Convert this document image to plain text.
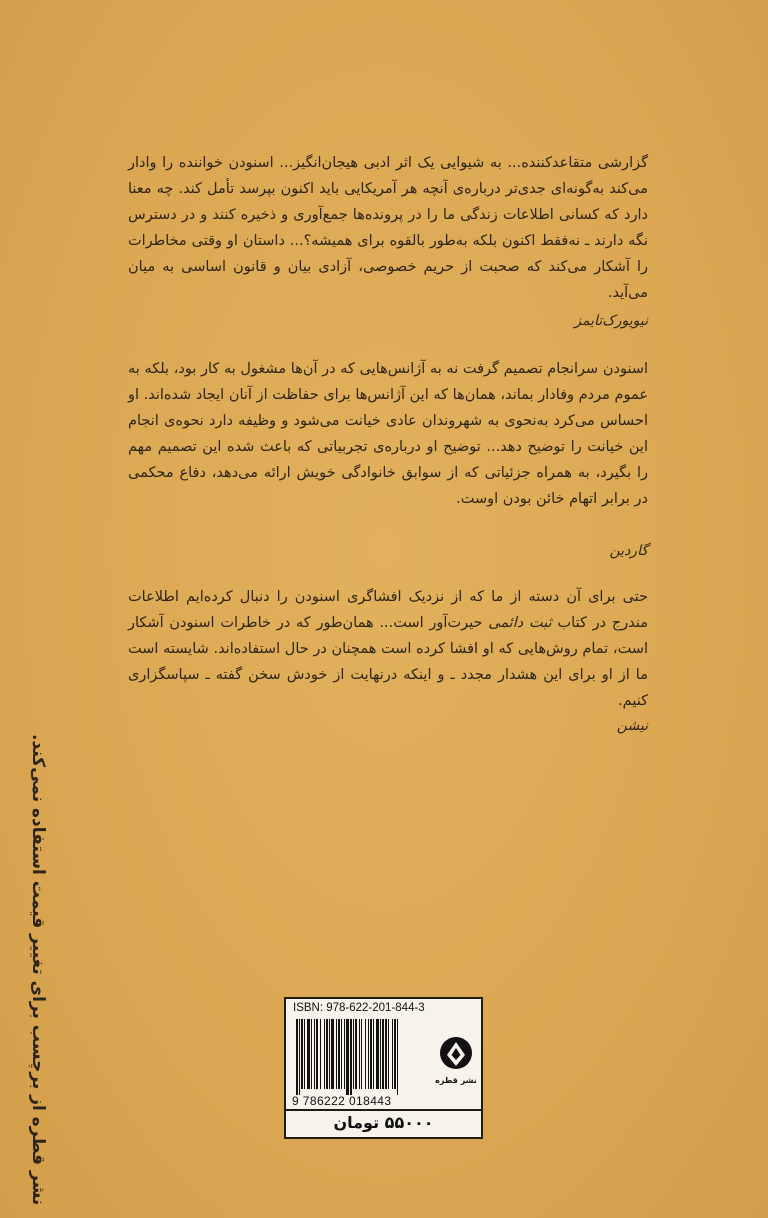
گزارشی متقاعدکننده... به شیوایی یک اثر ادبی هیجان‌انگیز... اسنودن خواننده را وادار می‌کند به‌گونه‌ای جدی‌تر درباره‌ی آنچه هر آمریکایی باید اکنون بپرسد تأمل کند. چه معنا دارد که کسانی اطلاعات زندگی ما را در پرونده‌ها جمع‌آوری و ذخیره کنند و در دسترس نگه دارند ـ نه‌فقط اکنون بلکه به‌طور بالقوه برای همیشه؟... داستان او وقتی مخاطرات را آشکار می‌کند که صحبت از حریم خصوصی، آزادی بیان و قانون اساسی به میان می‌آید.

نیویورک‌تایمز

اسنودن سرانجام تصمیم گرفت نه به آژانس‌هایی که در آن‌ها مشغول به کار بود، بلکه به عموم مردم وفادار بماند، همان‌ها که این آژانس‌ها برای حفاظت از آنان ایجاد شده‌اند. او احساس می‌کرد به‌نحوی به شهروندان عادی خیانت می‌شود و وظیفه دارد نحوه‌ی انجام این خیانت را توضیح دهد... توضیح او درباره‌ی تجربیاتی که باعث شده این تصمیم مهم را بگیرد، به همراه جزئیاتی که از سوابق خانوادگی خویش ارائه می‌دهد، دفاع محکمی در برابر اتهام خائن بودن اوست.

گاردین

حتی برای آن دسته از ما که از نزدیک افشاگری اسنودن را دنبال کرده‌ایم اطلاعات مندرج در کتاب ثبت دائمی حیرت‌آور است... همان‌طور که در خاطرات اسنودن آشکار است، تمام روش‌هایی که او افشا کرده است همچنان در حال استفاده‌اند. شایسته است ما از او برای این هشدار مجدد ـ و اینکه درنهایت از خودش سخن گفته ـ سپاسگزاری کنیم.

نیشن

نشر قطره از برچسب برای تغییر قیمت استفاده نمی‌کند.	ISBN: 978-622-201-844-3
9 786222 018443
نشر قطره
۵۵۰۰۰ تومان
